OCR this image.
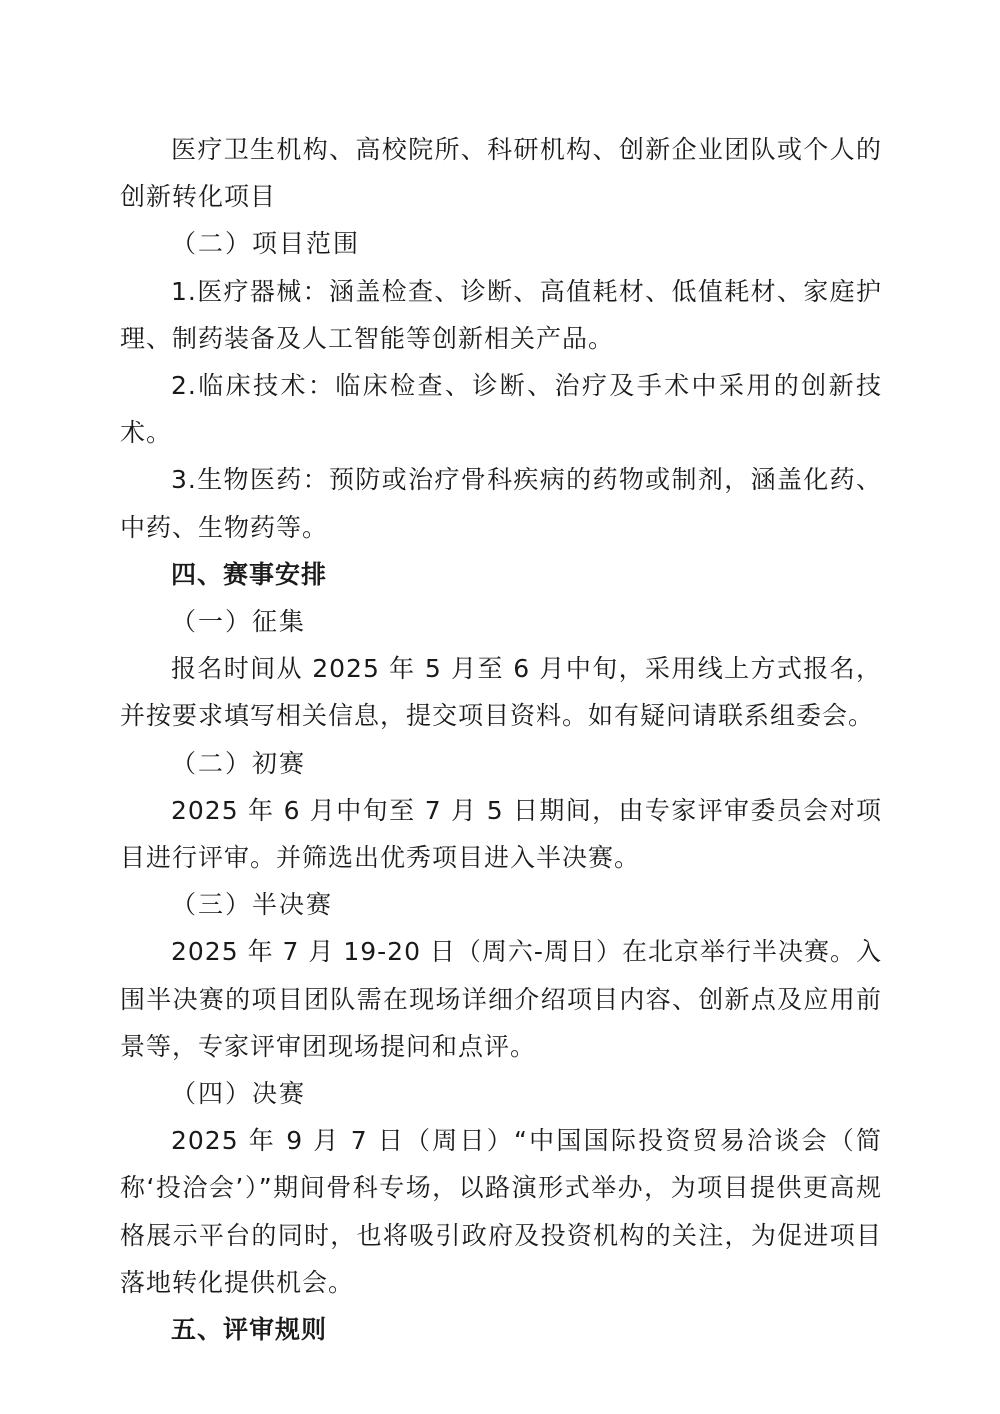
医疗卫生机构、高校院所、科研机构、创新企业团队或个人的创新转化项目

（二）项目范围

1.医疗器械：涵盖检查、诊断、高值耗材、低值耗材、家庭护理、制药装备及人工智能等创新相关产品。

2.临床技术：临床检查、诊断、治疗及手术中采用的创新技术。

3.生物医药：预防或治疗骨科疾病的药物或制剂，涵盖化药、中药、生物药等。

四、赛事安排

（一）征集

报名时间从 2025 年 5 月至 6 月中旬，采用线上方式报名，并按要求填写相关信息，提交项目资料。如有疑问请联系组委会。

（二）初赛

2025 年 6 月中旬至 7 月 5 日期间，由专家评审委员会对项目进行评审。并筛选出优秀项目进入半决赛。

（三）半决赛

2025 年 7 月 19-20 日（周六-周日）在北京举行半决赛。入围半决赛的项目团队需在现场详细介绍项目内容、创新点及应用前景等，专家评审团现场提问和点评。

（四）决赛

2025 年 9 月 7 日（周日）“中国国际投资贸易洽谈会（简称‘投洽会’）”期间骨科专场，以路演形式举办，为项目提供更高规格展示平台的同时，也将吸引政府及投资机构的关注，为促进项目落地转化提供机会。

五、评审规则
